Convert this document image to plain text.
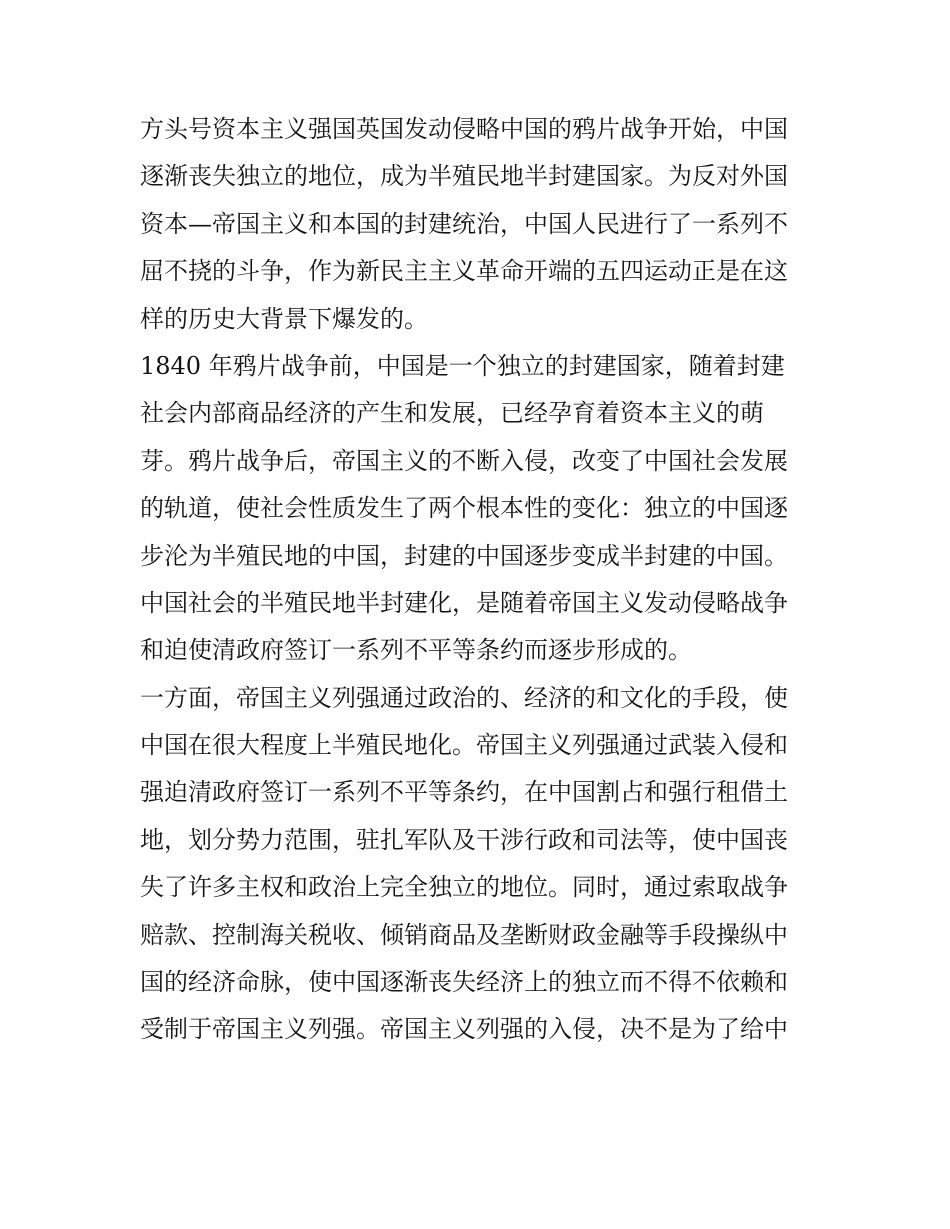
方头号资本主义强国英国发动侵略中国的鸦片战争开始，中国
逐渐丧失独立的地位，成为半殖民地半封建国家。为反对外国
资本—帝国主义和本国的封建统治，中国人民进行了一系列不
屈不挠的斗争，作为新民主主义革命开端的五四运动正是在这
样的历史大背景下爆发的。
1840 年鸦片战争前，中国是一个独立的封建国家，随着封建
社会内部商品经济的产生和发展，已经孕育着资本主义的萌
芽。鸦片战争后，帝国主义的不断入侵，改变了中国社会发展
的轨道，使社会性质发生了两个根本性的变化：独立的中国逐
步沦为半殖民地的中国，封建的中国逐步变成半封建的中国。
中国社会的半殖民地半封建化，是随着帝国主义发动侵略战争
和迫使清政府签订一系列不平等条约而逐步形成的。
一方面，帝国主义列强通过政治的、经济的和文化的手段，使
中国在很大程度上半殖民地化。帝国主义列强通过武装入侵和
强迫清政府签订一系列不平等条约，在中国割占和强行租借土
地，划分势力范围，驻扎军队及干涉行政和司法等，使中国丧
失了许多主权和政治上完全独立的地位。同时，通过索取战争
赔款、控制海关税收、倾销商品及垄断财政金融等手段操纵中
国的经济命脉，使中国逐渐丧失经济上的独立而不得不依赖和
受制于帝国主义列强。帝国主义列强的入侵，决不是为了给中
